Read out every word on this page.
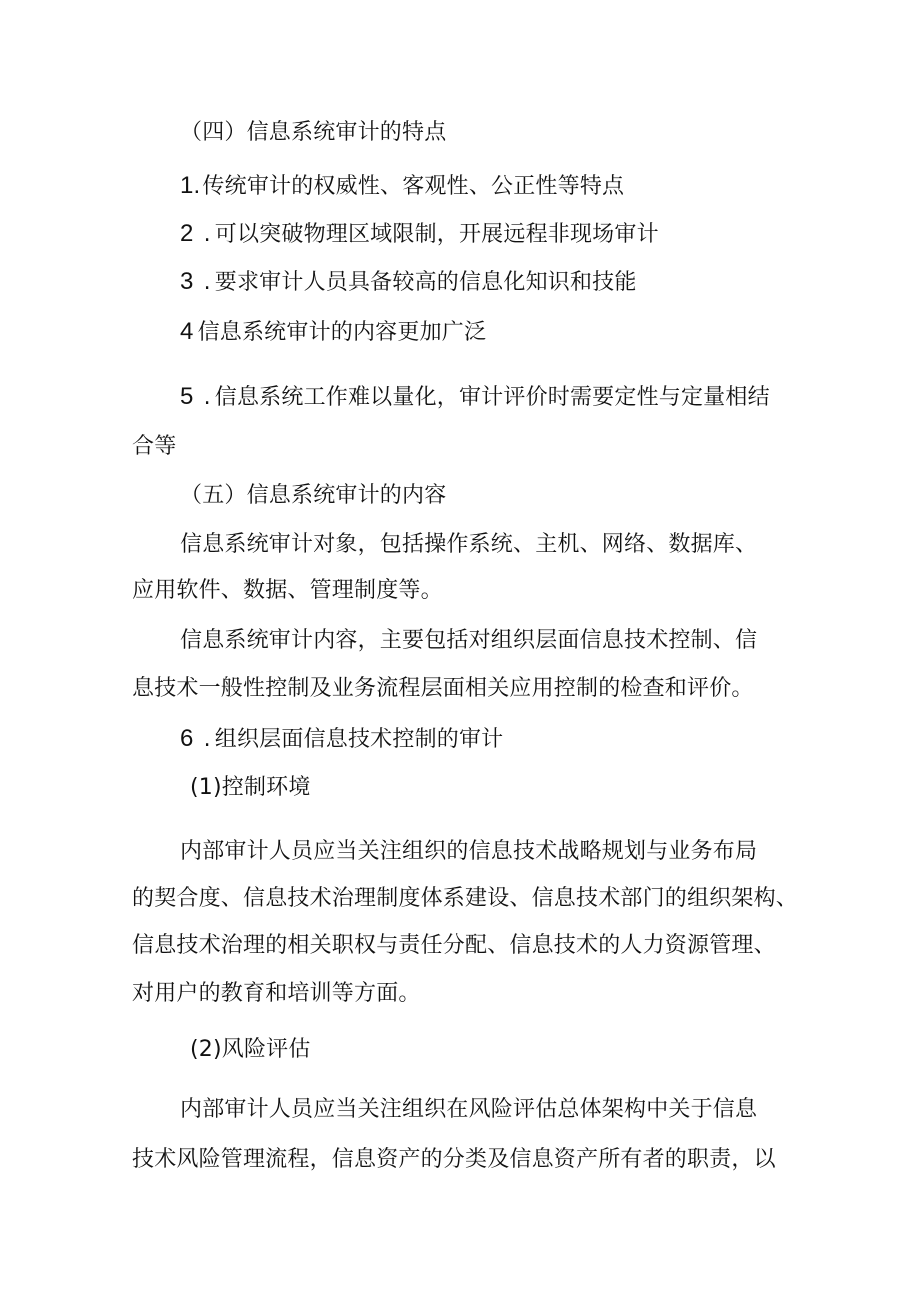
（四）信息系统审计的特点
1.传统审计的权威性、客观性、公正性等特点
2 . 可以突破物理区域限制，开展远程非现场审计
3 . 要求审计人员具备较高的信息化知识和技能
4 信息系统审计的内容更加广泛
5 . 信息系统工作难以量化，审计评价时需要定性与定量相结
合等
（五）信息系统审计的内容
信息系统审计对象，包括操作系统、主机、网络、数据库、
应用软件、数据、管理制度等。
信息系统审计内容，主要包括对组织层面信息技术控制、信
息技术一般性控制及业务流程层面相关应用控制的检查和评价。
6 . 组织层面信息技术控制的审计
(1)控制环境
内部审计人员应当关注组织的信息技术战略规划与业务布局
的契合度、信息技术治理制度体系建设、信息技术部门的组织架构、
信息技术治理的相关职权与责任分配、信息技术的人力资源管理、
对用户的教育和培训等方面。
(2)风险评估
内部审计人员应当关注组织在风险评估总体架构中关于信息
技术风险管理流程，信息资产的分类及信息资产所有者的职责，以
